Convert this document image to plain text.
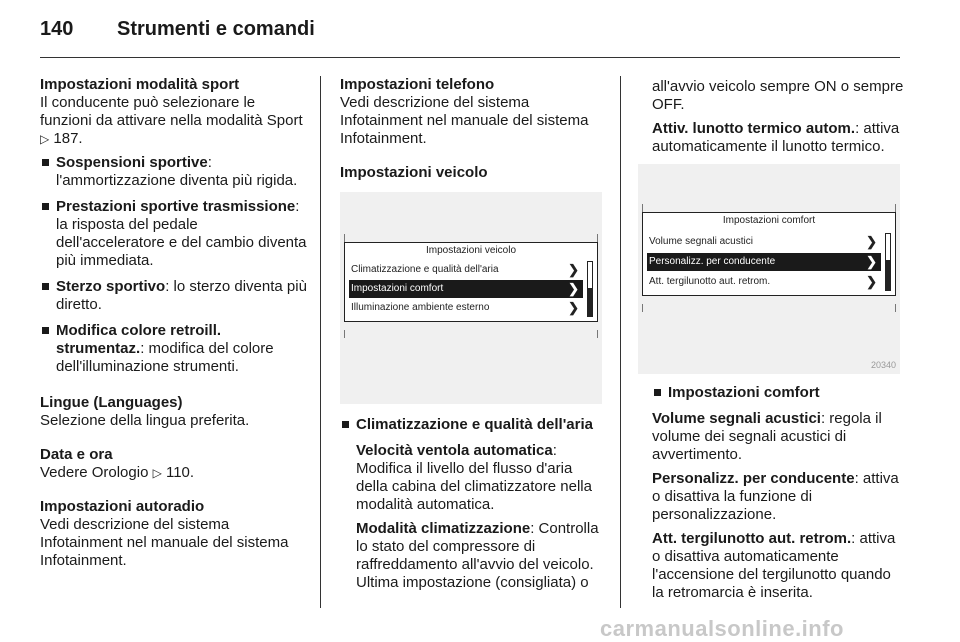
140 Strumenti e comandi
Impostazioni modalità sport

Il conducente può selezionare le funzioni da attivare nella modalità Sport ▷ 187.

Sospensioni sportive: l'ammortizzazione diventa più rigida.
Prestazioni sportive trasmissione: la risposta del pedale dell'acceleratore e del cambio diventa più immediata.
Sterzo sportivo: lo sterzo diventa più diretto.
Modifica colore retroill. strumentaz.: modifica del colore dell'illuminazione strumenti.
Lingue (Languages)

Selezione della lingua preferita.

Data e ora

Vedere Orologio ▷ 110.

Impostazioni autoradio

Vedi descrizione del sistema Infotainment nel manuale del sistema Infotainment.

Impostazioni telefono

Vedi descrizione del sistema Infotainment nel manuale del sistema Infotainment.

Impostazioni veicolo
Impostazioni veicolo
Climatizzazione e qualità dell'aria	❯
Impostazioni comfort	❯
Illuminazione ambiente esterno	❯
Climatizzazione e qualità dell'aria

Velocità ventola automatica: Modifica il livello del flusso d'aria della cabina del climatizzatore nella modalità automatica.

Modalità climatizzazione: Controlla lo stato del compressore di raffreddamento all'avvio del veicolo. Ultima impostazione (consigliata) o

all'avvio veicolo sempre ON o sempre OFF.

Attiv. lunotto termico autom.: attiva automaticamente il lunotto termico.

Impostazioni comfort
Volume segnali acustici	❯
Personalizz. per conducente	❯
Att. tergilunotto aut. retrom.	❯
20340
Impostazioni comfort

Volume segnali acustici: regola il volume dei segnali acustici di avvertimento.

Personalizz. per conducente: attiva o disattiva la funzione di personalizzazione.

Att. tergilunotto aut. retrom.: attiva o disattiva automaticamente l'accensione del tergilunotto quando la retromarcia è inserita.

carmanualsonline.info
